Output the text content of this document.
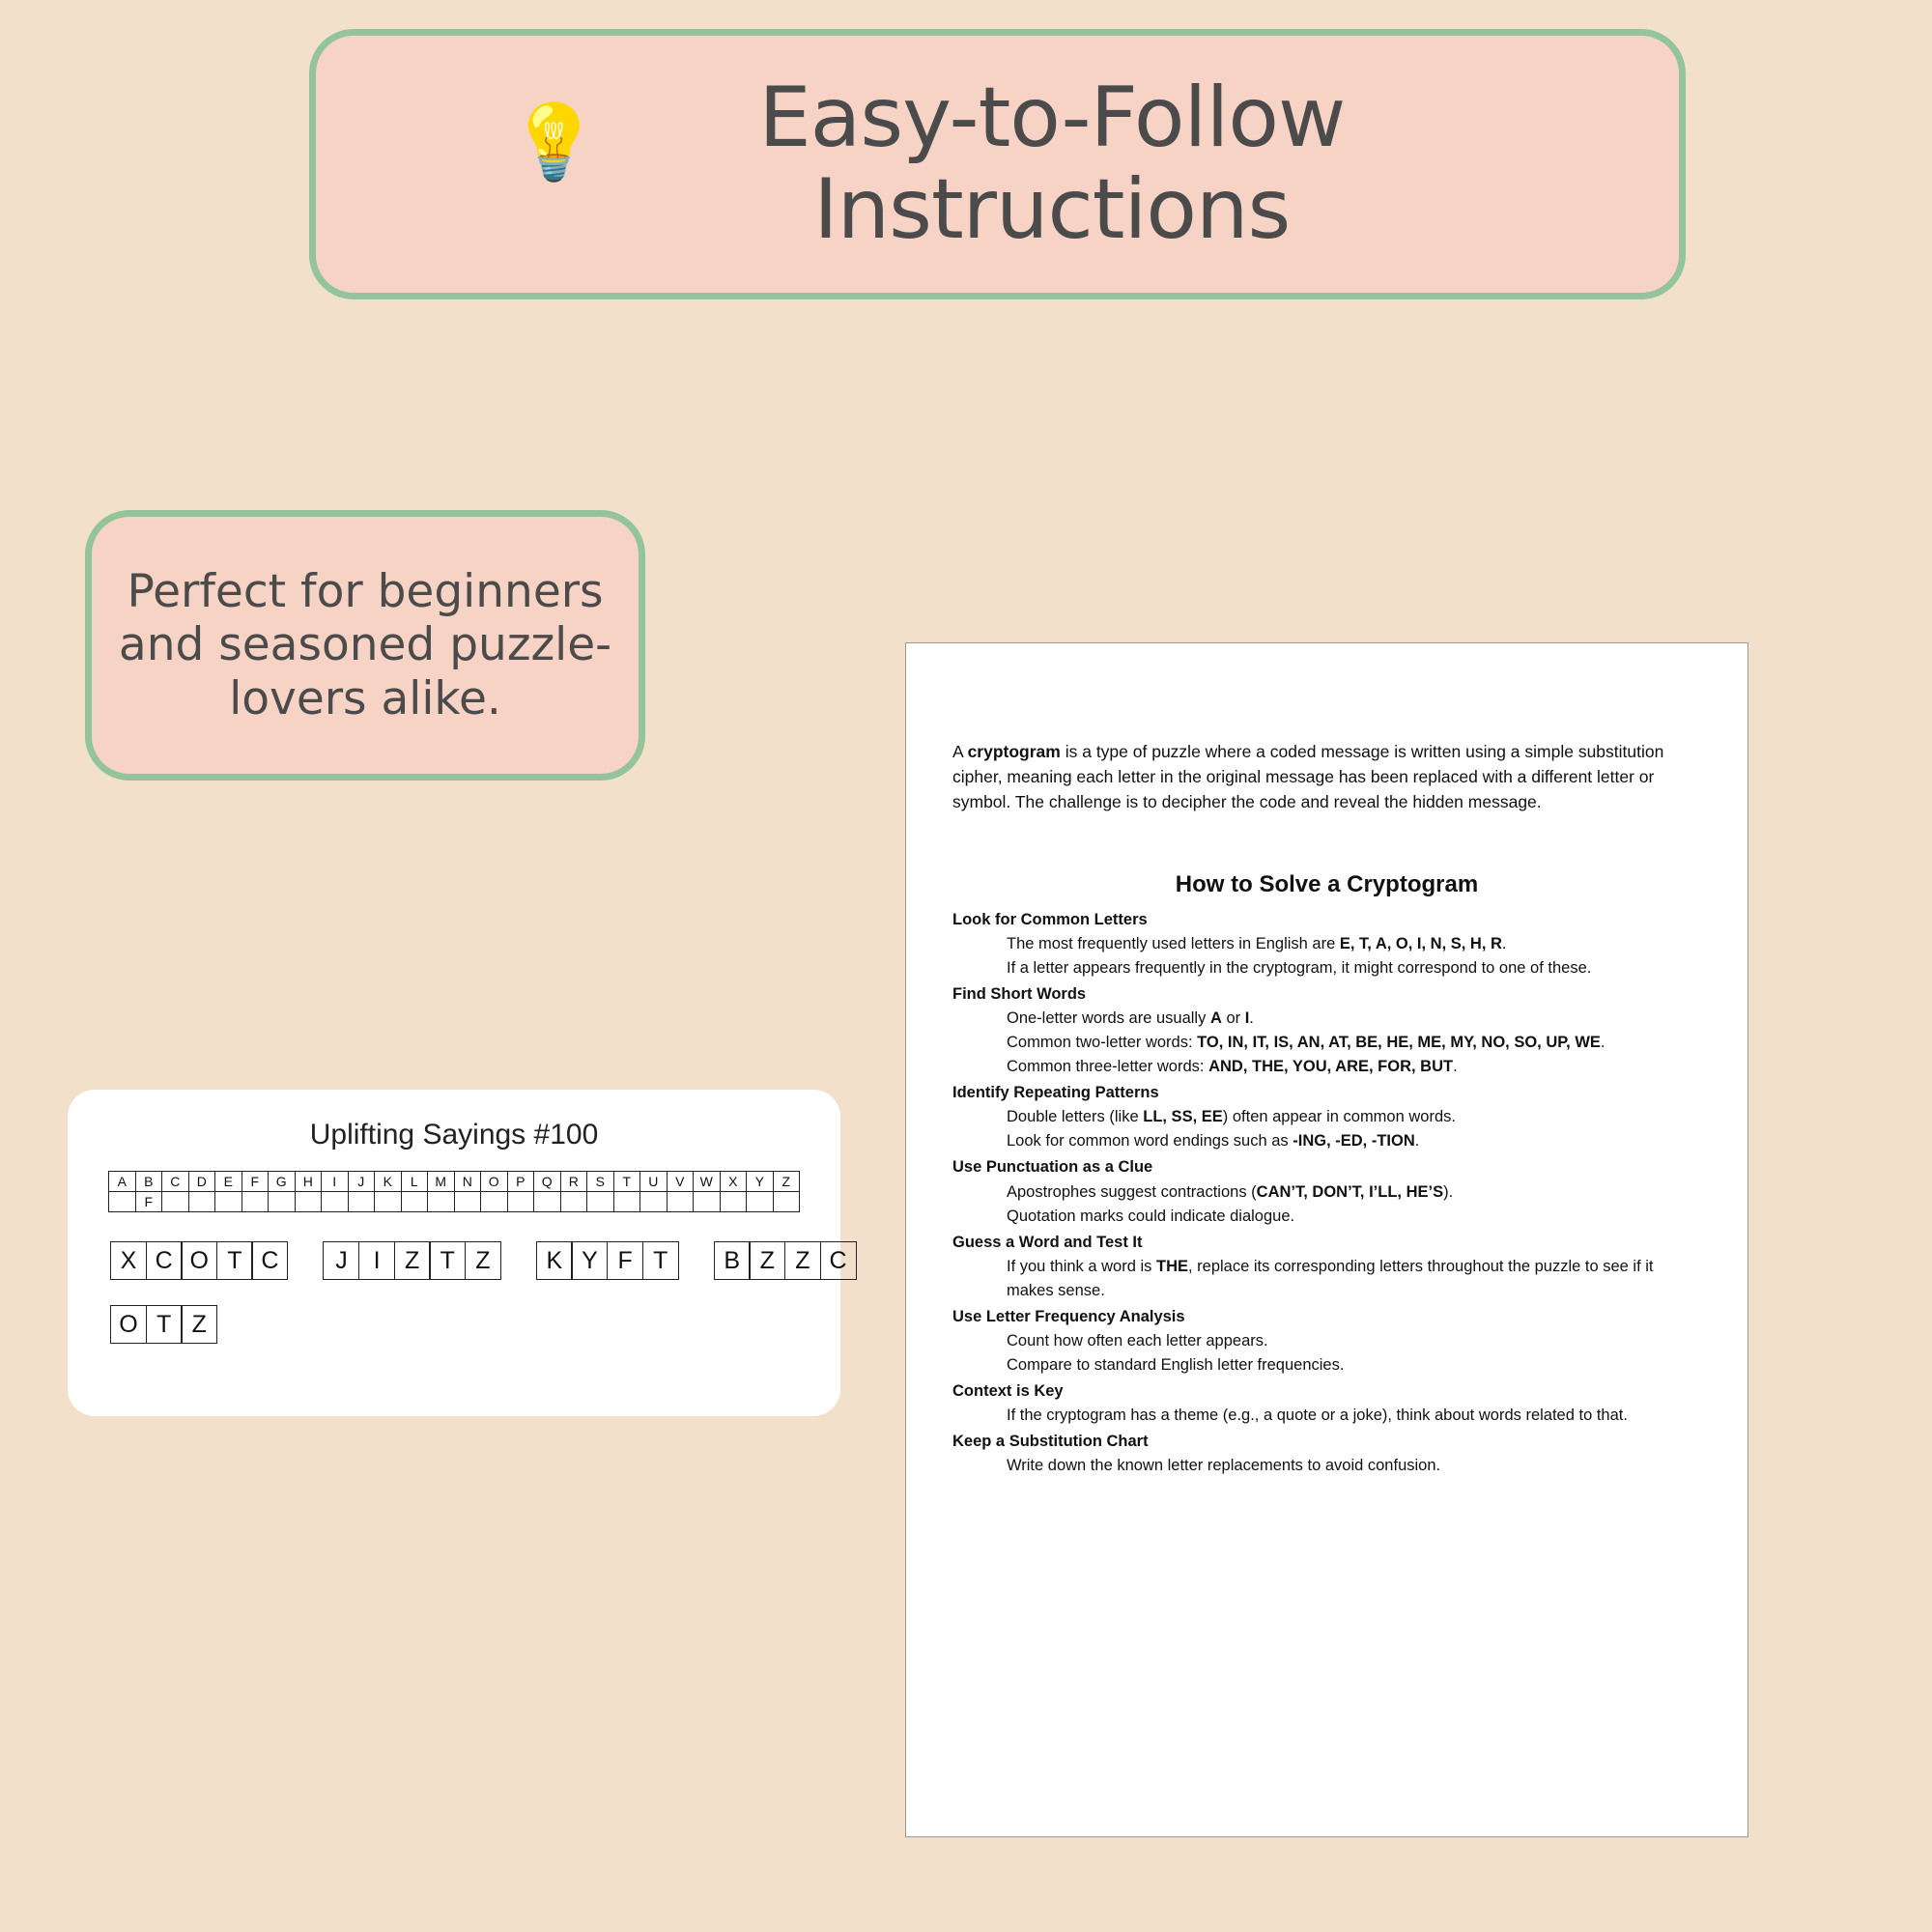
💡	Easy-to-Follow Instructions
Perfect for beginners and seasoned puzzle-lovers alike.
Uplifting Sayings #100
A	B	C	D	E	F	G	H	I	J	K	L	M	N	O	P	Q	R	S	T	U	V	W	X	Y	Z
	F																								
X C O T C	J	I	Z T Z	K Y F T	B Z Z C
O T Z

A cryptogram is a type of puzzle where a coded message is written using a simple substitution cipher, meaning each letter in the original message has been replaced with a different letter or symbol. The challenge is to decipher the code and reveal the hidden message.

How to Solve a Cryptogram
Look for Common Letters
The most frequently used letters in English are E, T, A, O, I, N, S, H, R.
If a letter appears frequently in the cryptogram, it might correspond to one of these.
Find Short Words
One-letter words are usually A or I.
Common two-letter words: TO, IN, IT, IS, AN, AT, BE, HE, ME, MY, NO, SO, UP, WE.
Common three-letter words: AND, THE, YOU, ARE, FOR, BUT.
Identify Repeating Patterns
Double letters (like LL, SS, EE) often appear in common words.
Look for common word endings such as -ING, -ED, -TION.
Use Punctuation as a Clue
Apostrophes suggest contractions (CAN’T, DON’T, I’LL, HE’S).
Quotation marks could indicate dialogue.
Guess a Word and Test It
If you think a word is THE, replace its corresponding letters throughout the puzzle to see if it makes sense.
Use Letter Frequency Analysis
Count how often each letter appears.
Compare to standard English letter frequencies.
Context is Key
If the cryptogram has a theme (e.g., a quote or a joke), think about words related to that.
Keep a Substitution Chart
Write down the known letter replacements to avoid confusion.
